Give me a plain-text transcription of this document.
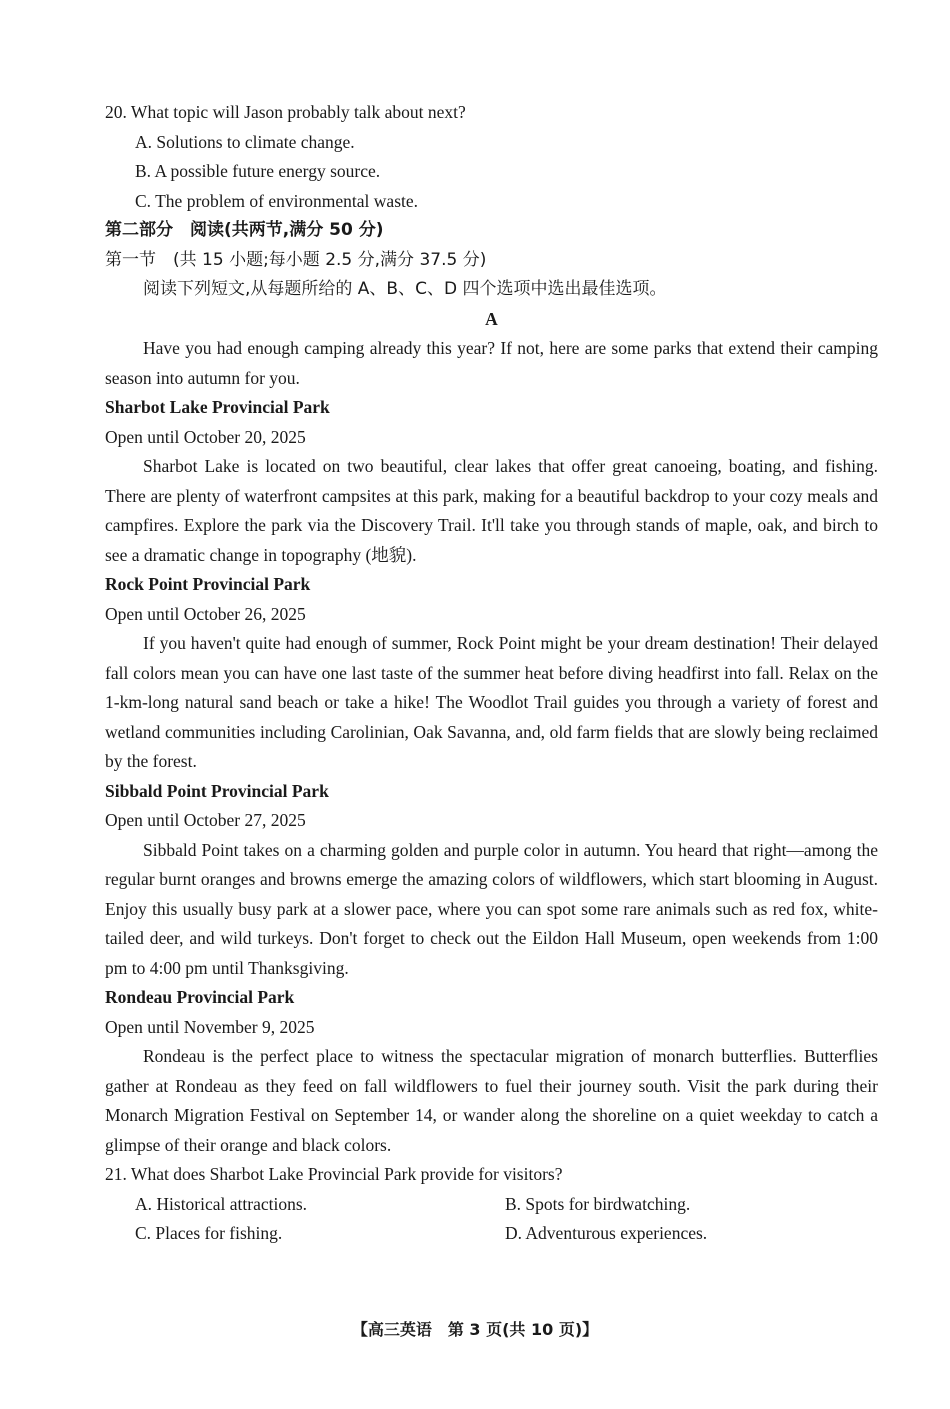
20. What topic will Jason probably talk about next?
A. Solutions to climate change.
B. A possible future energy source.
C. The problem of environmental waste.
第二部分　阅读(共两节,满分 50 分)
第一节　(共 15 小题;每小题 2.5 分,满分 37.5 分)
阅读下列短文,从每题所给的 A、B、C、D 四个选项中选出最佳选项。
A
Have you had enough camping already this year? If not, here are some parks that extend their camping season into autumn for you.
Sharbot Lake Provincial Park
Open until October 20, 2025
Sharbot Lake is located on two beautiful, clear lakes that offer great canoeing, boating, and fishing. There are plenty of waterfront campsites at this park, making for a beautiful backdrop to your cozy meals and campfires. Explore the park via the Discovery Trail. It'll take you through stands of maple, oak, and birch to see a dramatic change in topography (地貌).
Rock Point Provincial Park
Open until October 26, 2025
If you haven't quite had enough of summer, Rock Point might be your dream destination! Their delayed fall colors mean you can have one last taste of the summer heat before diving headfirst into fall. Relax on the 1-km-long natural sand beach or take a hike! The Woodlot Trail guides you through a variety of forest and wetland communities including Carolinian, Oak Savanna, and, old farm fields that are slowly being reclaimed by the forest.
Sibbald Point Provincial Park
Open until October 27, 2025
Sibbald Point takes on a charming golden and purple color in autumn. You heard that right—among the regular burnt oranges and browns emerge the amazing colors of wildflowers, which start blooming in August. Enjoy this usually busy park at a slower pace, where you can spot some rare animals such as red fox, white-tailed deer, and wild turkeys. Don't forget to check out the Eildon Hall Museum, open weekends from 1:00 pm to 4:00 pm until Thanksgiving.
Rondeau Provincial Park
Open until November 9, 2025
Rondeau is the perfect place to witness the spectacular migration of monarch butterflies. Butterflies gather at Rondeau as they feed on fall wildflowers to fuel their journey south. Visit the park during their Monarch Migration Festival on September 14, or wander along the shoreline on a quiet weekday to catch a glimpse of their orange and black colors.
21. What does Sharbot Lake Provincial Park provide for visitors?
A. Historical attractions.	B. Spots for birdwatching.
C. Places for fishing.	D. Adventurous experiences.
【高三英语　第 3 页(共 10 页)】
